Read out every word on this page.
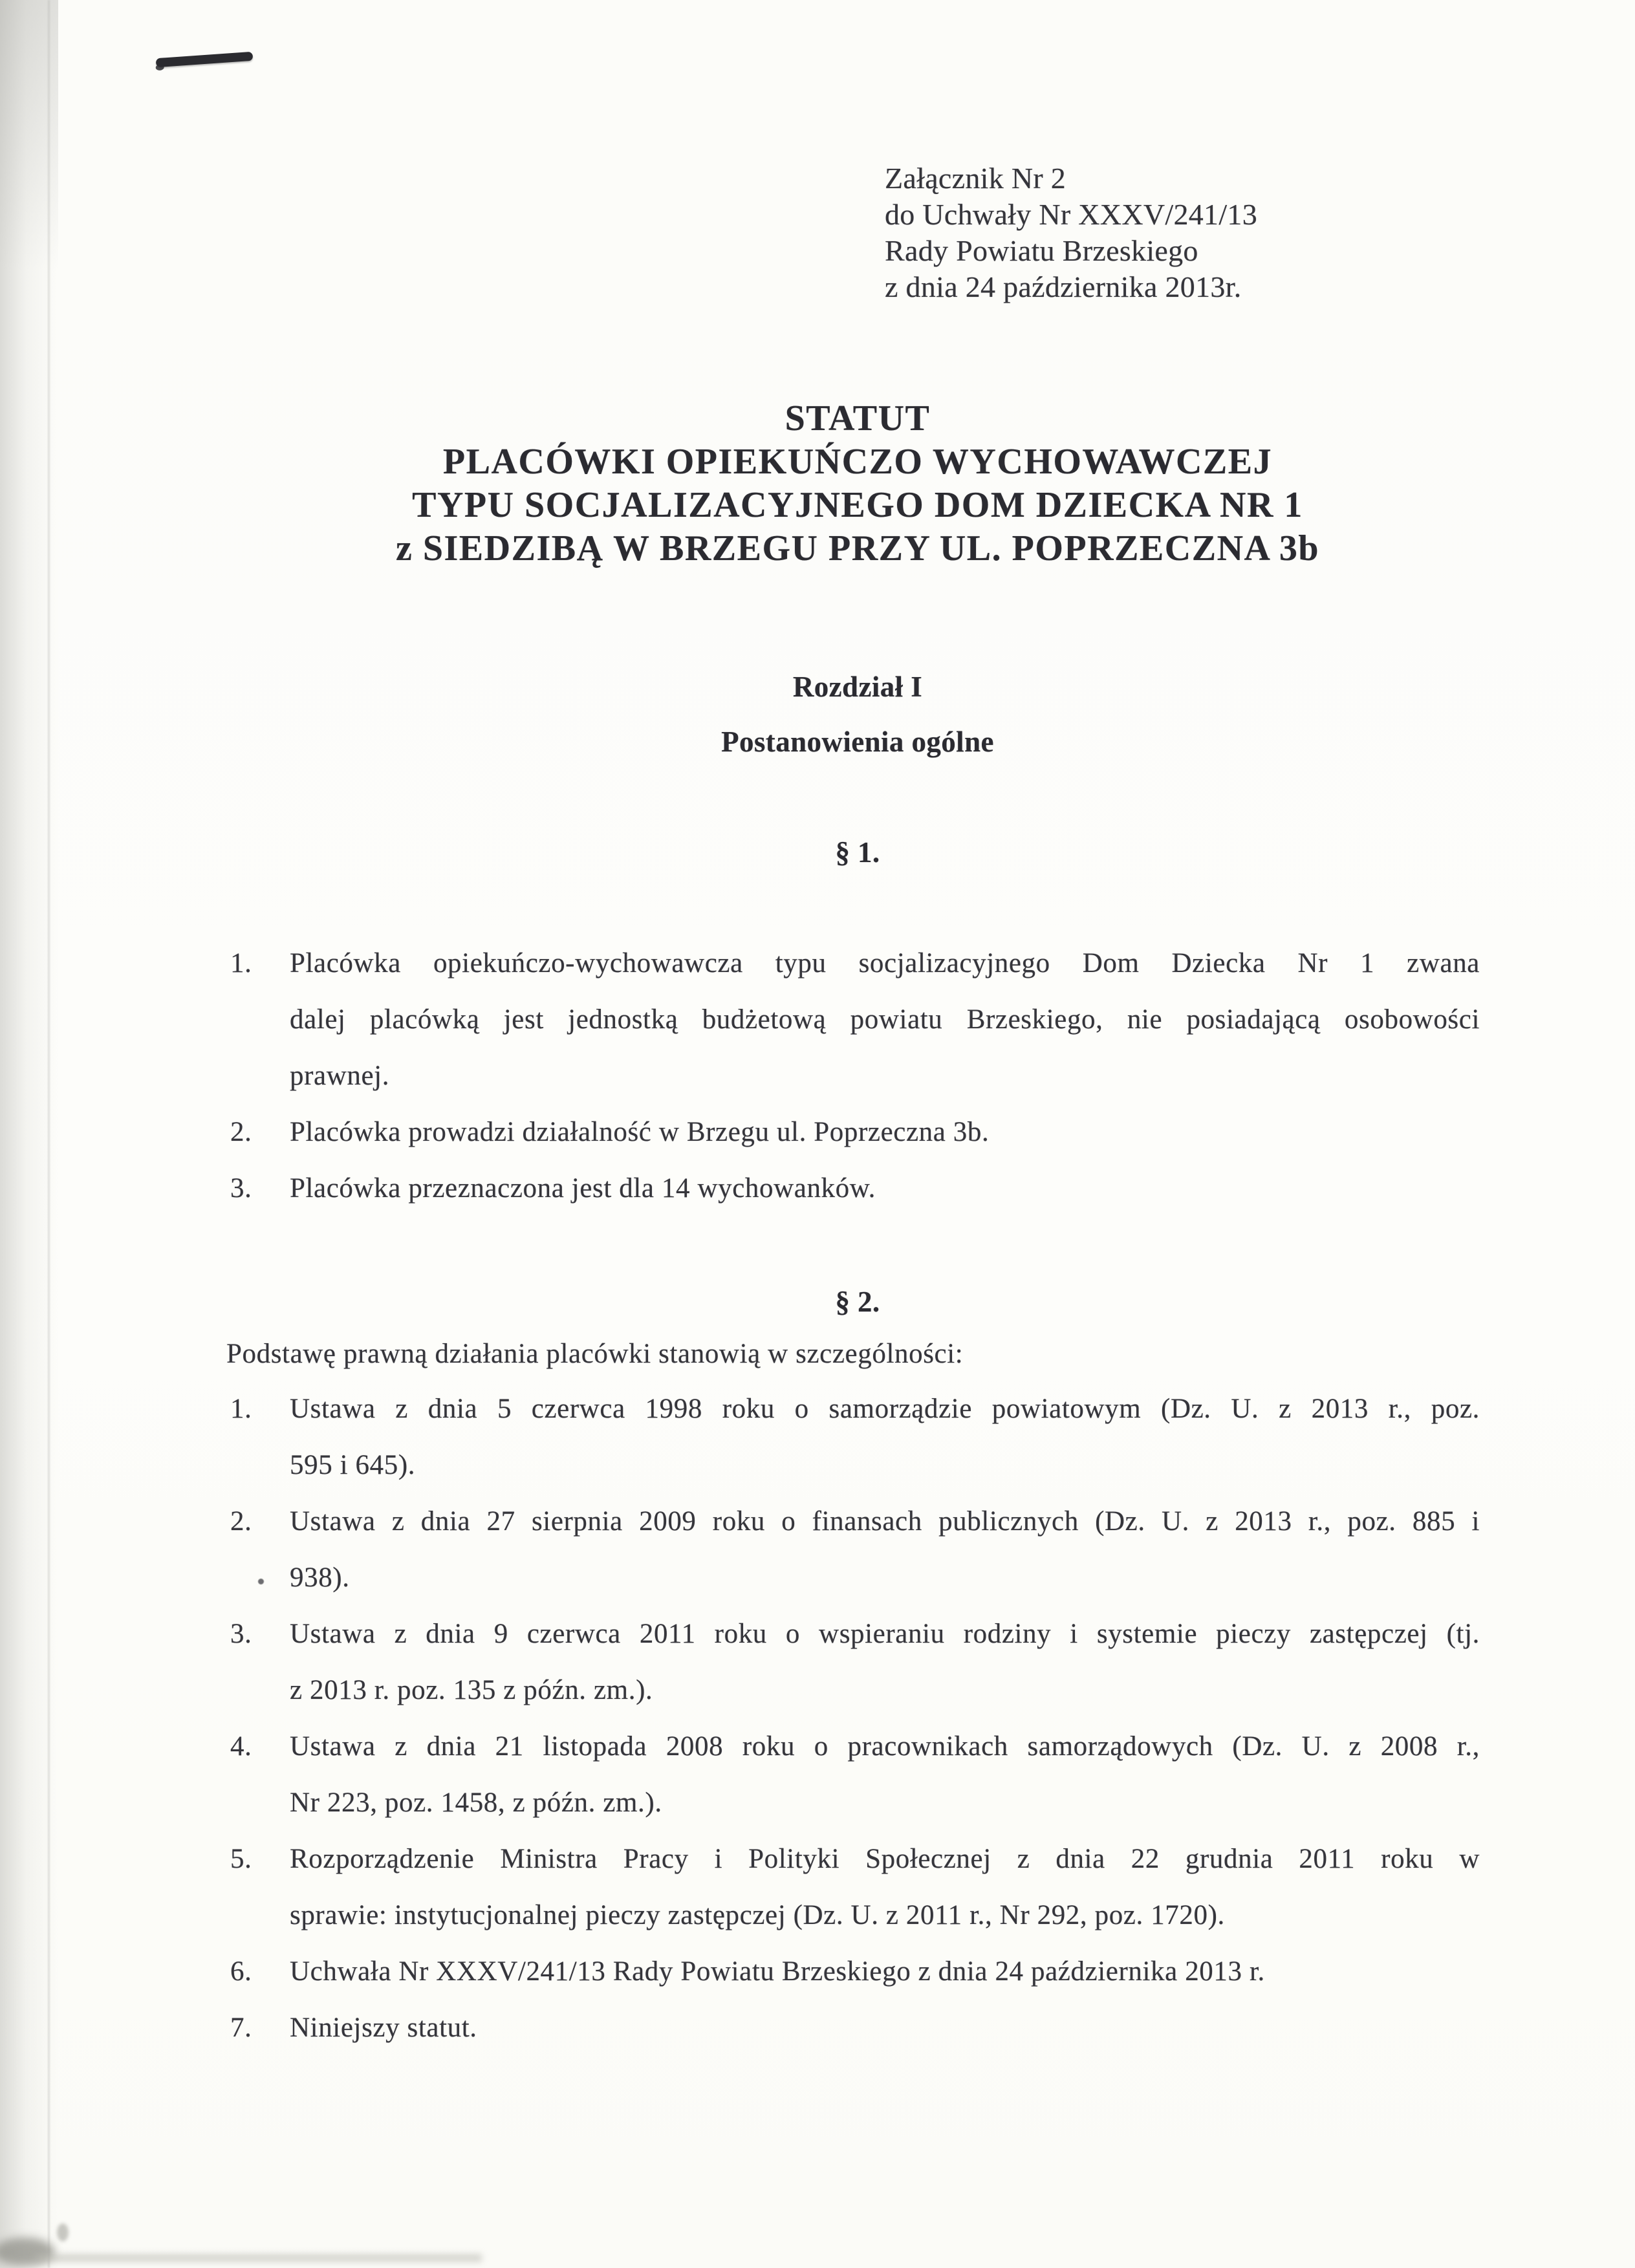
Załącznik Nr 2
do Uchwały Nr XXXV/241/13
Rady Powiatu Brzeskiego
z dnia 24 października 2013r.
STATUT
PLACÓWKI OPIEKUŃCZO WYCHOWAWCZEJ
TYPU SOCJALIZACYJNEGO DOM DZIECKA NR 1
z SIEDZIBĄ W BRZEGU PRZY UL. POPRZECZNA 3b
Rozdział I
Postanowienia ogólne
§ 1.
1. Placówka opiekuńczo-wychowawcza typu socjalizacyjnego Dom Dziecka Nr 1 zwana
dalej placówką jest jednostką budżetową powiatu Brzeskiego, nie posiadającą osobowości
prawnej.
2. Placówka prowadzi działalność w Brzegu ul. Poprzeczna 3b.
3. Placówka przeznaczona jest dla 14 wychowanków.
§ 2.
Podstawę prawną działania placówki stanowią w szczególności:
1. Ustawa z dnia 5 czerwca 1998 roku o samorządzie powiatowym (Dz. U. z 2013 r., poz.
595 i 645).
2. Ustawa z dnia 27 sierpnia 2009 roku o finansach publicznych (Dz. U. z 2013 r., poz. 885 i
938).
3. Ustawa z dnia 9 czerwca 2011 roku o wspieraniu rodziny i systemie pieczy zastępczej (tj.
z 2013 r. poz. 135 z późn. zm.).
4. Ustawa z dnia 21 listopada 2008 roku o pracownikach samorządowych (Dz. U. z 2008 r.,
Nr 223, poz. 1458, z późn. zm.).
5. Rozporządzenie Ministra Pracy i Polityki Społecznej z dnia 22 grudnia 2011 roku w
sprawie: instytucjonalnej pieczy zastępczej (Dz. U. z 2011 r., Nr 292, poz. 1720).
6. Uchwała Nr XXXV/241/13 Rady Powiatu Brzeskiego z dnia 24 października 2013 r.
7. Niniejszy statut.
